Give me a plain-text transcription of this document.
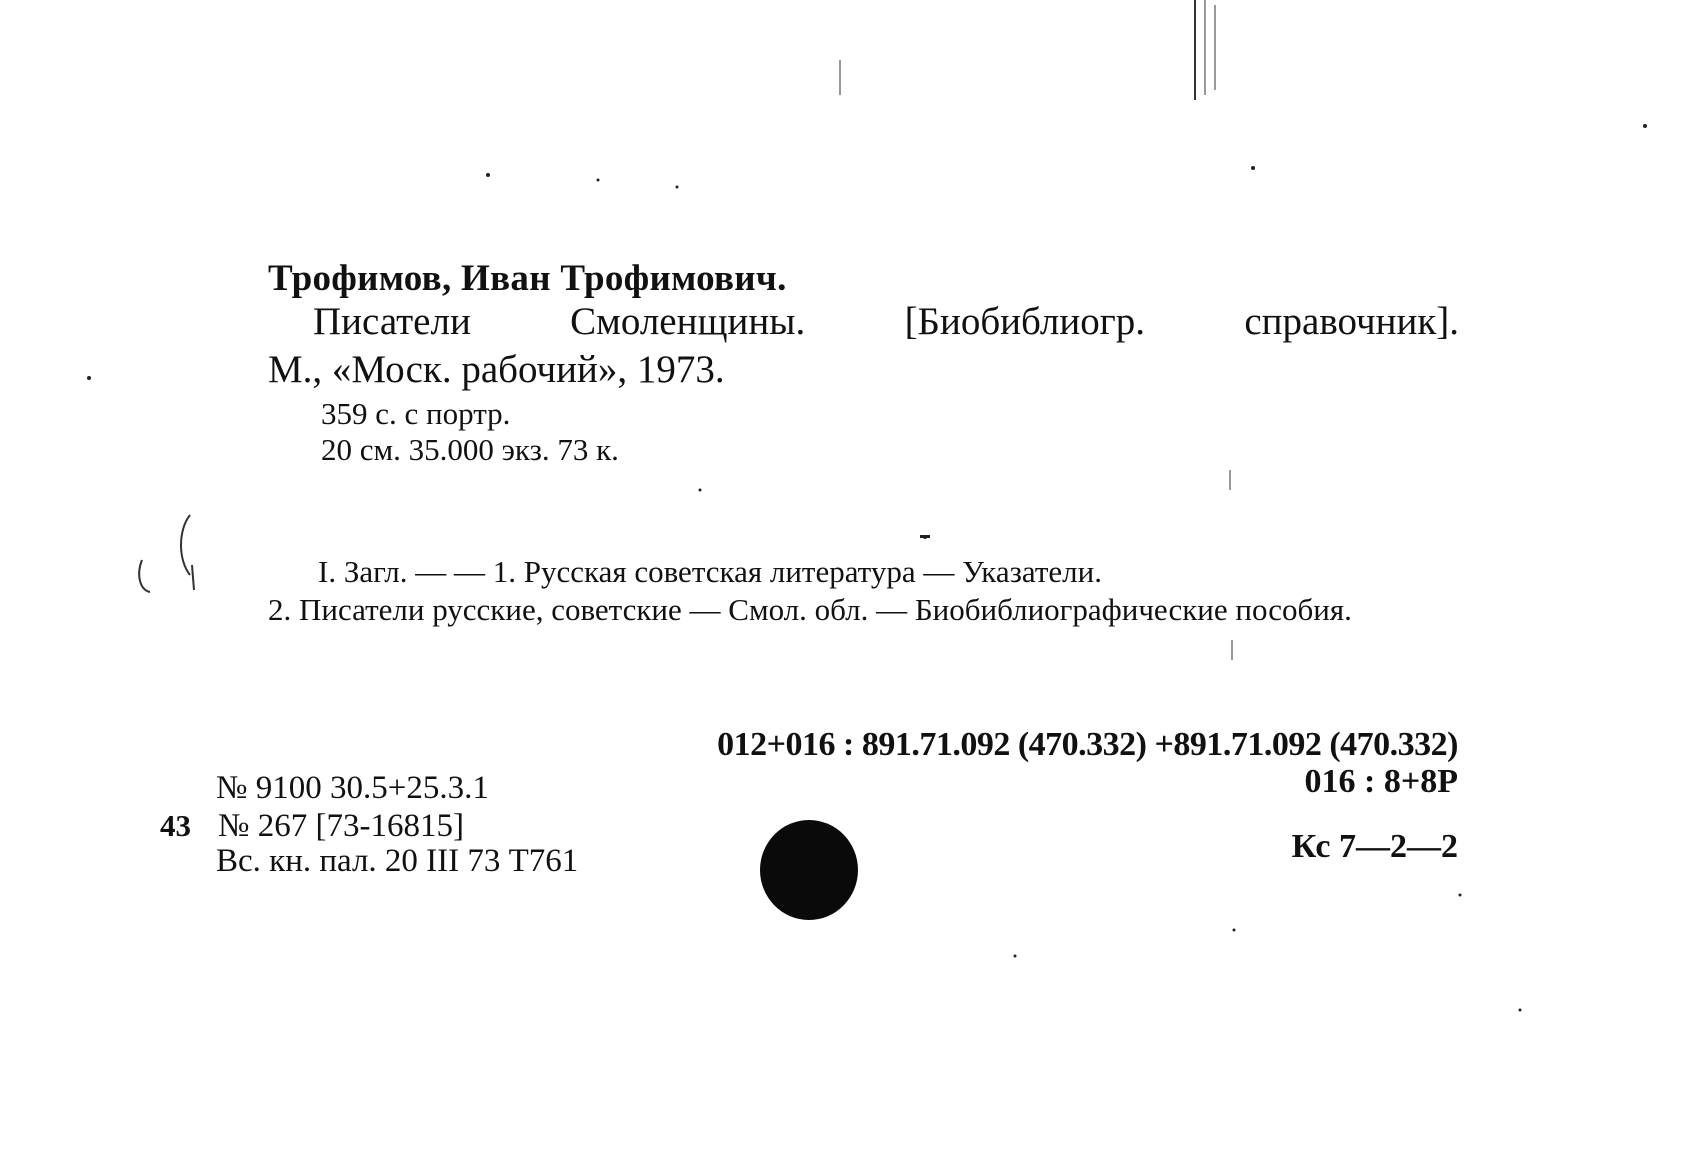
Трофимов, Иван Трофимович.
Писатели	Смоленщины.	[Биобиблиогр.	справочник].
М., «Моск. рабочий», 1973.
359 с. с портр.
20 см. 35.000 экз. 73 к.
I. Загл. — — 1. Русская советская литература — Указатели.
2. Писатели русские, советские — Смол. обл. — Биобиблиографические пособия.
012+016 : 891.71.092 (470.332) +891.71.092 (470.332)
016 : 8+8Р
Кс 7—2—2
№ 9100 30.5+25.3.1
43 № 267 [73-16815]
Вс. кн. пал. 20 III 73 Т761
